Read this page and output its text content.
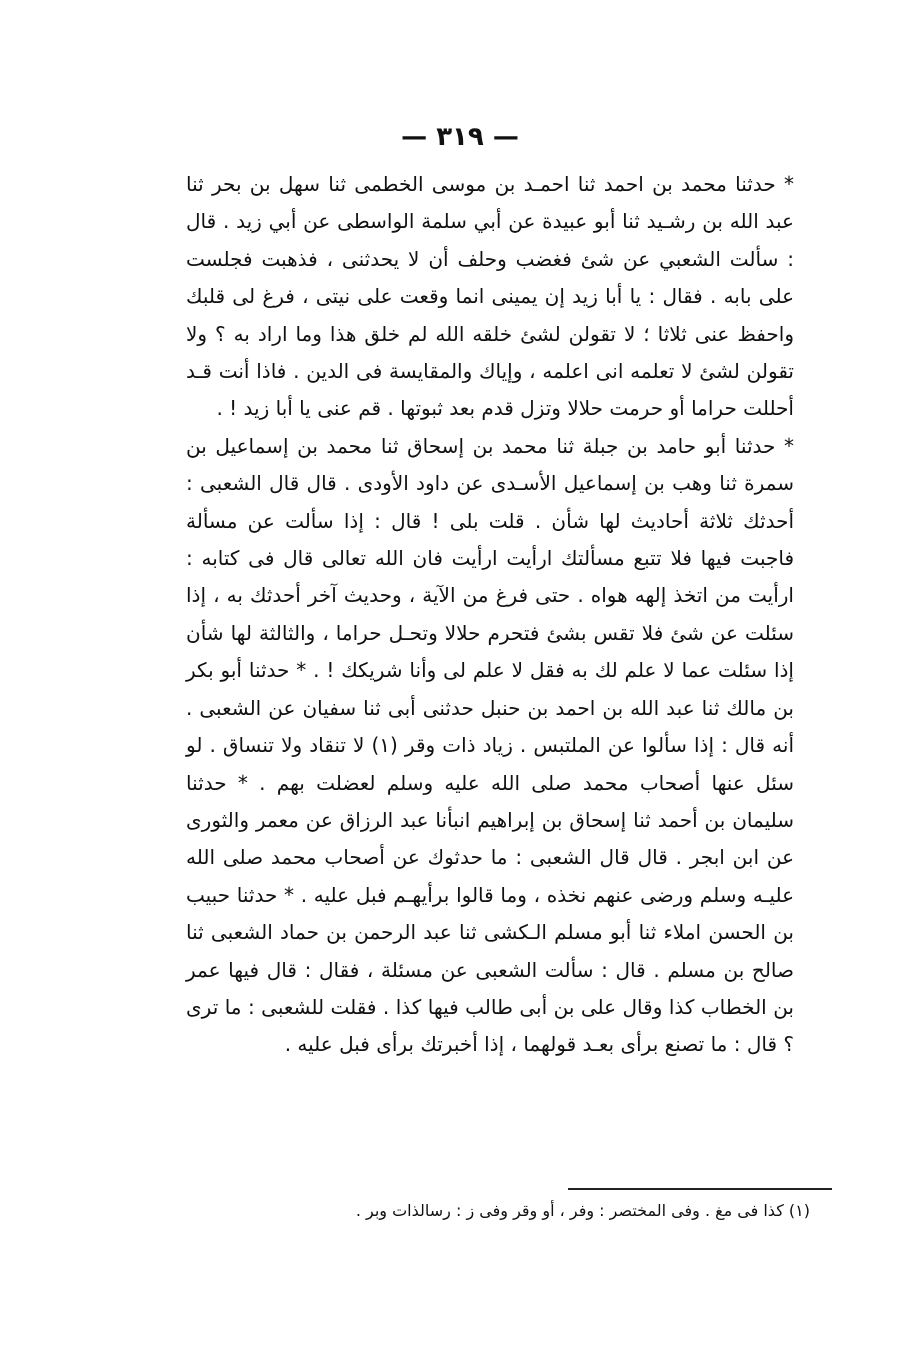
— ٣١٩ —

* حدثنا محمد بن احمد ثنا احمـد بن موسى الخطمى ثنا سهل بن بحر ثنا عبد الله بن رشـيد ثنا أبو عبيدة عن أبي سلمة الواسطى عن أبي زيد . قال : سألت الشعبي عن شئ فغضب وحلف أن لا يحدثنى ، فذهبت فجلست على بابه . فقال : يا أبا زيد إن يمينى انما وقعت على نيتى ، فرغ لى قلبك واحفظ عنى ثلاثا ؛ لا تقولن لشئ خلقه الله لم خلق هذا وما اراد به ؟ ولا تقولن لشئ لا تعلمه انى اعلمه ، وإياك والمقايسة فى الدين . فاذا أنت قـد أحللت حراما أو حرمت حلالا وتزل قدم بعد ثبوتها . قم عنى يا أبا زيد ! .

* حدثنا أبو حامد بن جبلة ثنا محمد بن إسحاق ثنا محمد بن إسماعيل بن سمرة ثنا وهب بن إسماعيل الأسـدى عن داود الأودى . قال قال الشعبى : أحدثك ثلاثة أحاديث لها شأن . قلت بلى ! قال : إذا سألت عن مسألة فاجبت فيها فلا تتبع مسألتك ارأيت ارأيت فان الله تعالى قال فى كتابه : ارأيت من اتخذ إلهه هواه . حتى فرغ من الآية ، وحديث آخر أحدثك به ، إذا سئلت عن شئ فلا تقس بشئ فتحرم حلالا وتحـل حراما ، والثالثة لها شأن إذا سئلت عما لا علم لك به فقل لا علم لى وأنا شريكك ! . * حدثنا أبو بكر بن مالك ثنا عبد الله بن احمد بن حنبل حدثنى أبى ثنا سفيان عن الشعبى . أنه قال : إذا سألوا عن الملتبس . زياد ذات وقر (١) لا تنقاد ولا تنساق . لو سئل عنها أصحاب محمد صلى الله عليه وسلم لعضلت بهم . * حدثنا سليمان بن أحمد ثنا إسحاق بن إبراهيم انبأنا عبد الرزاق عن معمر والثورى عن ابن ابجر . قال قال الشعبى : ما حدثوك عن أصحاب محمد صلى الله عليـه وسلم ورضى عنهم نخذه ، وما قالوا برأيهـم فبل عليه . * حدثنا حبيب بن الحسن املاء ثنا أبو مسلم الـكشى ثنا عبد الرحمن بن حماد الشعبى ثنا صالح بن مسلم . قال : سألت الشعبى عن مسئلة ، فقال : قال فيها عمر بن الخطاب كذا وقال على بن أبى طالب فيها كذا . فقلت للشعبى : ما ترى ؟ قال : ما تصنع برأى بعـد قولهما ، إذا أخبرتك برأى فبل عليه .

(١) كذا فى مغ . وفى المختصر : وفر ، أو وقر وفى ز : رسالذات وبر .
